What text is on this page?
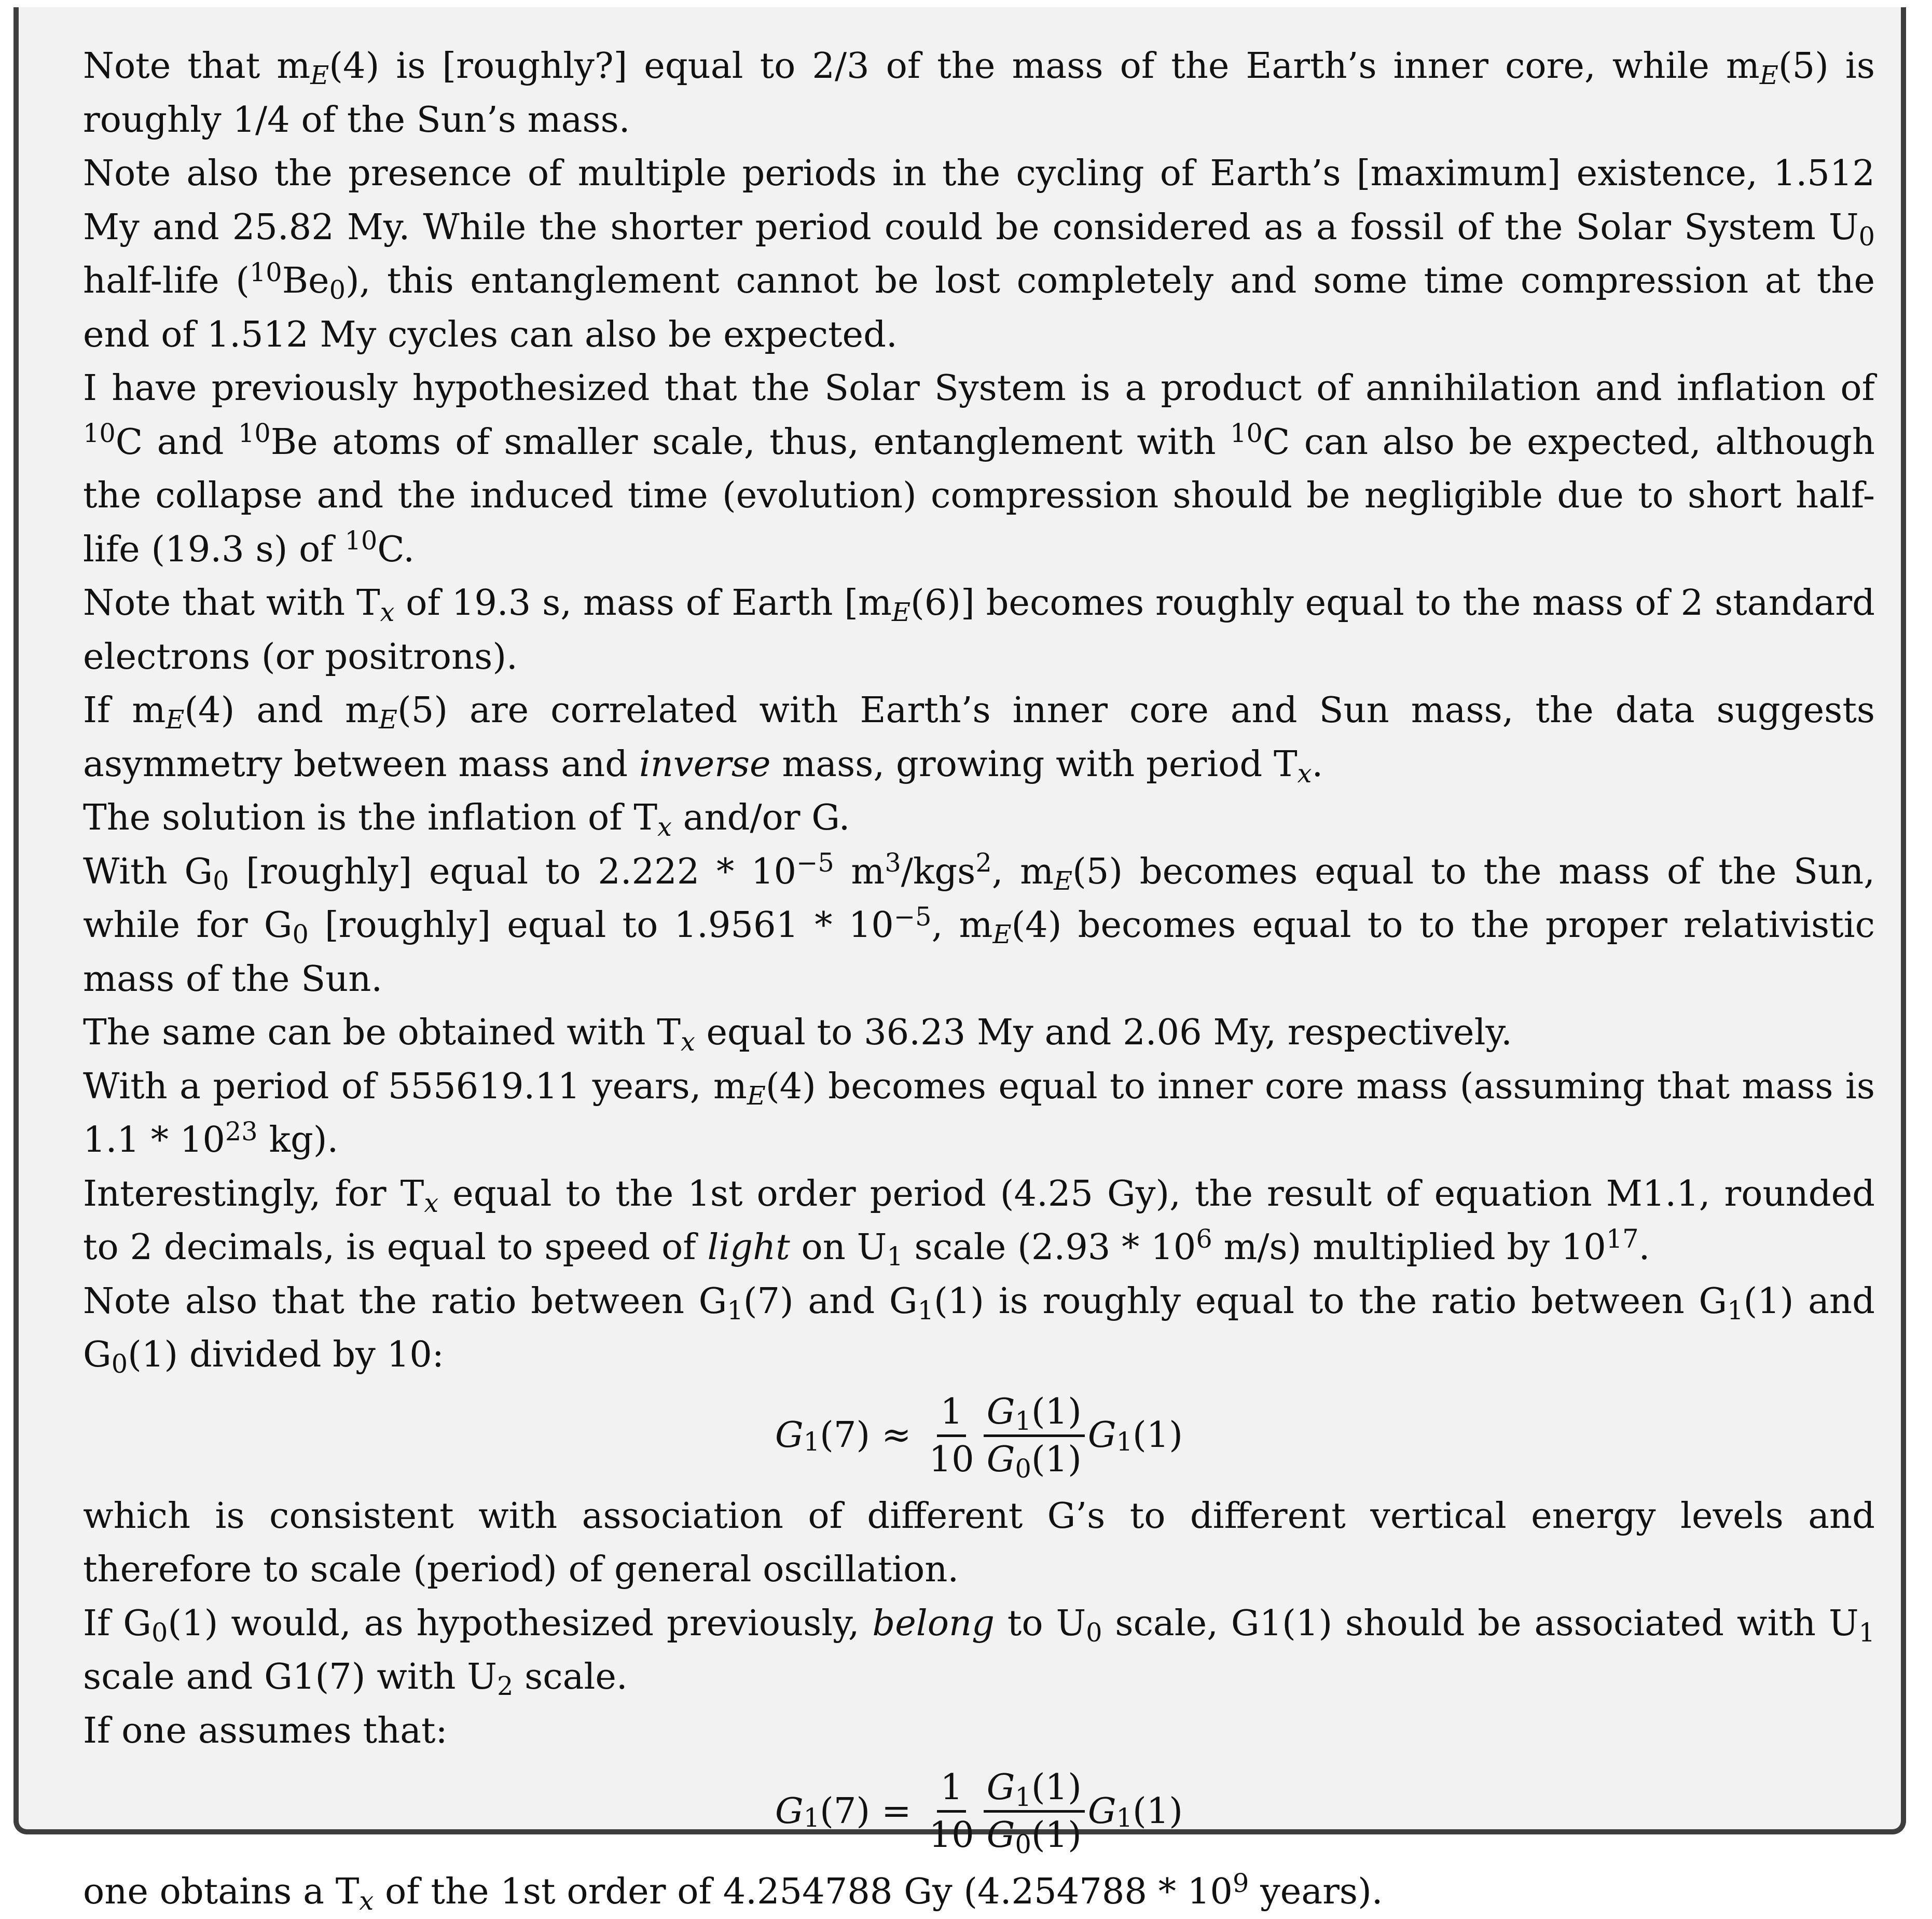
Note that $m_E(4)$ is [roughly?] equal to 2/3 of the mass of the Earth’s inner core, while $m_E(5)$ is roughly 1/4 of the Sun’s mass.

Note also the presence of multiple periods in the cycling of Earth’s [maximum] existence, 1.512 My and 25.82 My. While the shorter period could be considered as a fossil of the Solar System $U_0$ half-life $(^{10}Be_0)$, this entanglement cannot be lost completely and some time compression at the end of 1.512 My cycles can also be expected.

I have previously hypothesized that the Solar System is a product of annihilation and inflation of $^{10}$C and $^{10}$Be atoms of smaller scale, thus, entanglement with $^{10}$C can also be expected, although the collapse and the induced time (evolution) compression should be negligible due to short half-life (19.3 s) of $^{10}$C.

Note that with $T_x$ of 19.3 s, mass of Earth $[m_E(6)]$ becomes roughly equal to the mass of 2 standard electrons (or positrons).

If $m_E(4)$ and $m_E(5)$ are correlated with Earth’s inner core and Sun mass, the data suggests asymmetry between mass and inverse mass, growing with period $T_x$.

The solution is the inflation of $T_x$ and/or G.

With $G_0$ [roughly] equal to $2.222 * 10^{-5}$ $m^3/kgs^2$, $m_E(5)$ becomes equal to the mass of the Sun, while for $G_0$ [roughly] equal to $1.9561 * 10^{-5}$, $m_E(4)$ becomes equal to to the proper relativistic mass of the Sun.

The same can be obtained with $T_x$ equal to 36.23 My and 2.06 My, respectively.

With a period of 555619.11 years, $m_E(4)$ becomes equal to inner core mass (assuming that mass is $1.1 * 10^{23}$ kg).

Interestingly, for $T_x$ equal to the 1st order period (4.25 Gy), the result of equation M1.1, rounded to 2 decimals, is equal to speed of light on $U_1$ scale ($2.93 * 10^6$ m/s) multiplied by $10^{17}$.

Note also that the ratio between $G_1(7)$ and $G_1(1)$ is roughly equal to the ratio between $G_1(1)$ and $G_0(1)$ divided by 10:

$G_1$ $(7) \approx \frac{1}{10} \frac{G_1(1)}{G_0(1)} G_1$ (1)

which is consistent with association of different G’s to different vertical energy levels and therefore to scale (period) of general oscillation.

If $G_0(1)$ would, as hypothesized previously, belong to $U_0$ scale, G1(1) should be associated with $U_1$ scale and G1(7) with $U_2$ scale.

If one assumes that:

$G_1$ $(7) = \frac{1}{10} \frac{G_1(1)}{G_0(1)} G_1$ (1)

one obtains a $T_x$ of the 1st order of 4.254788 Gy ($4.254788 * 10^9$ years).
